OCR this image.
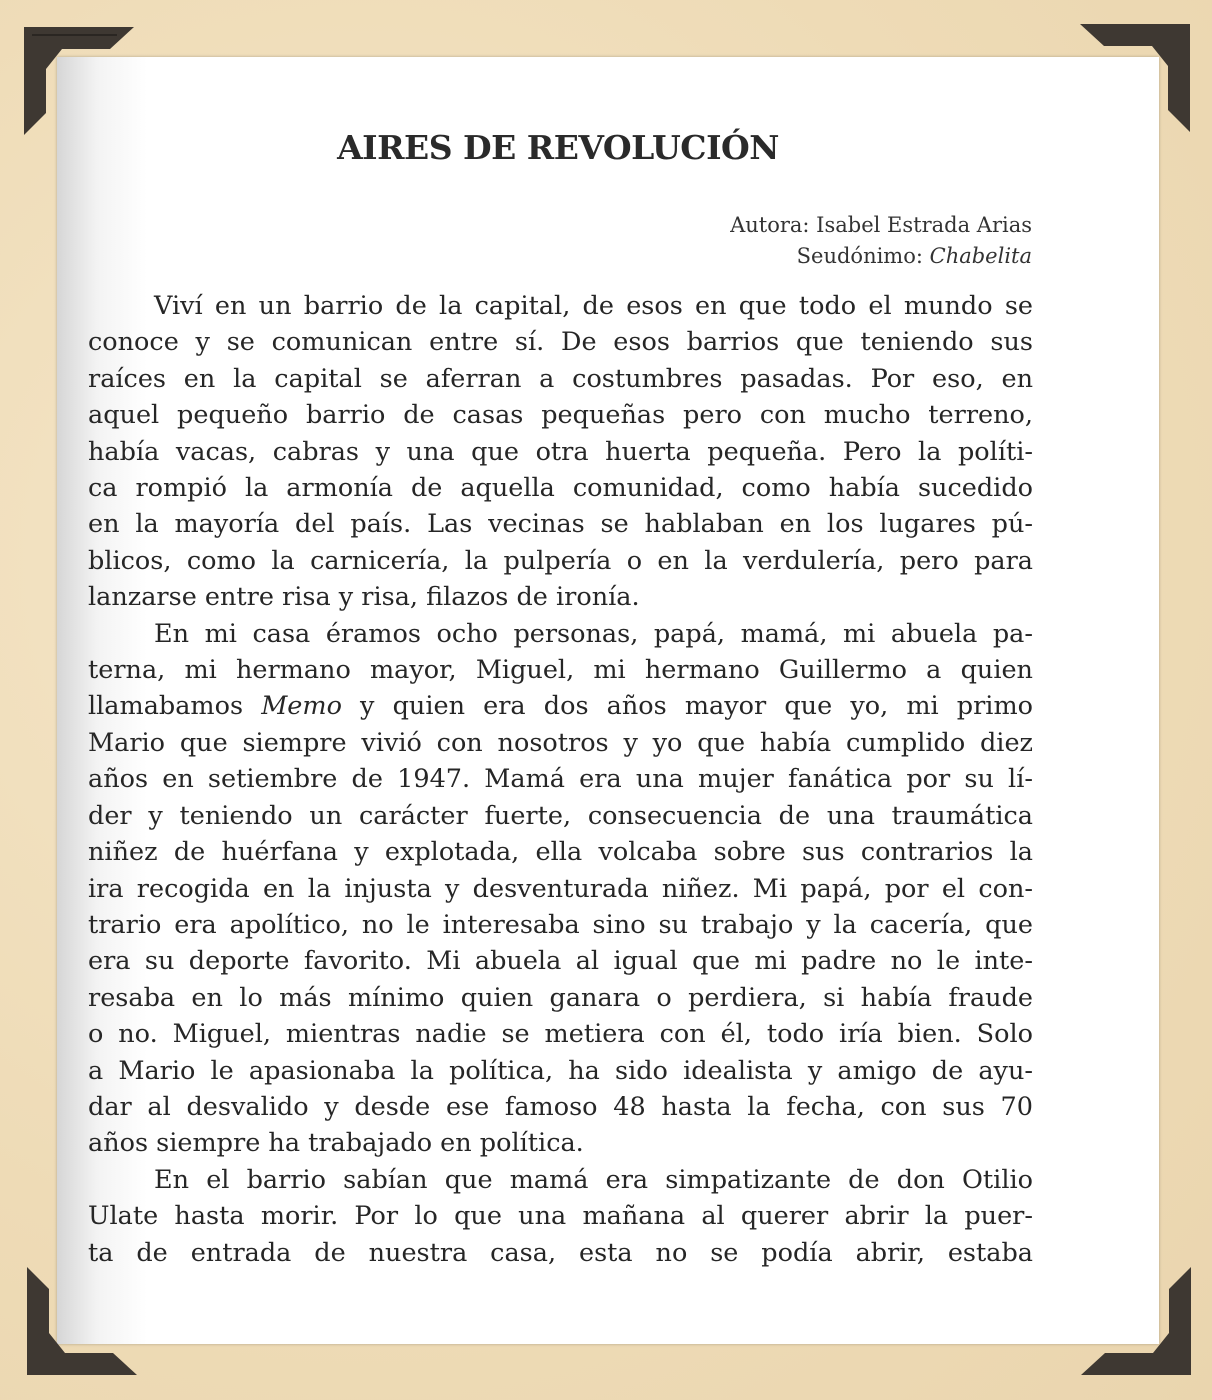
AIRES DE REVOLUCIÓN
Autora: Isabel Estrada Arias
Seudónimo: Chabelita
Viví en un barrio de la capital, de esos en que todo el mundo se
conoce y se comunican entre sí. De esos barrios que teniendo sus
raíces en la capital se aferran a costumbres pasadas. Por eso, en
aquel pequeño barrio de casas pequeñas pero con mucho terreno,
había vacas, cabras y una que otra huerta pequeña. Pero la políti-
ca rompió la armonía de aquella comunidad, como había sucedido
en la mayoría del país. Las vecinas se hablaban en los lugares pú-
blicos, como la carnicería, la pulpería o en la verdulería, pero para
lanzarse entre risa y risa, filazos de ironía.
En mi casa éramos ocho personas, papá, mamá, mi abuela pa-
terna, mi hermano mayor, Miguel, mi hermano Guillermo a quien
llamabamos Memo y quien era dos años mayor que yo, mi primo
Mario que siempre vivió con nosotros y yo que había cumplido diez
años en setiembre de 1947. Mamá era una mujer fanática por su lí-
der y teniendo un carácter fuerte, consecuencia de una traumática
niñez de huérfana y explotada, ella volcaba sobre sus contrarios la
ira recogida en la injusta y desventurada niñez. Mi papá, por el con-
trario era apolítico, no le interesaba sino su trabajo y la cacería, que
era su deporte favorito. Mi abuela al igual que mi padre no le inte-
resaba en lo más mínimo quien ganara o perdiera, si había fraude
o no. Miguel, mientras nadie se metiera con él, todo iría bien. Solo
a Mario le apasionaba la política, ha sido idealista y amigo de ayu-
dar al desvalido y desde ese famoso 48 hasta la fecha, con sus 70
años siempre ha trabajado en política.
En el barrio sabían que mamá era simpatizante de don Otilio
Ulate hasta morir. Por lo que una mañana al querer abrir la puer-
ta de entrada de nuestra casa, esta no se podía abrir, estaba
